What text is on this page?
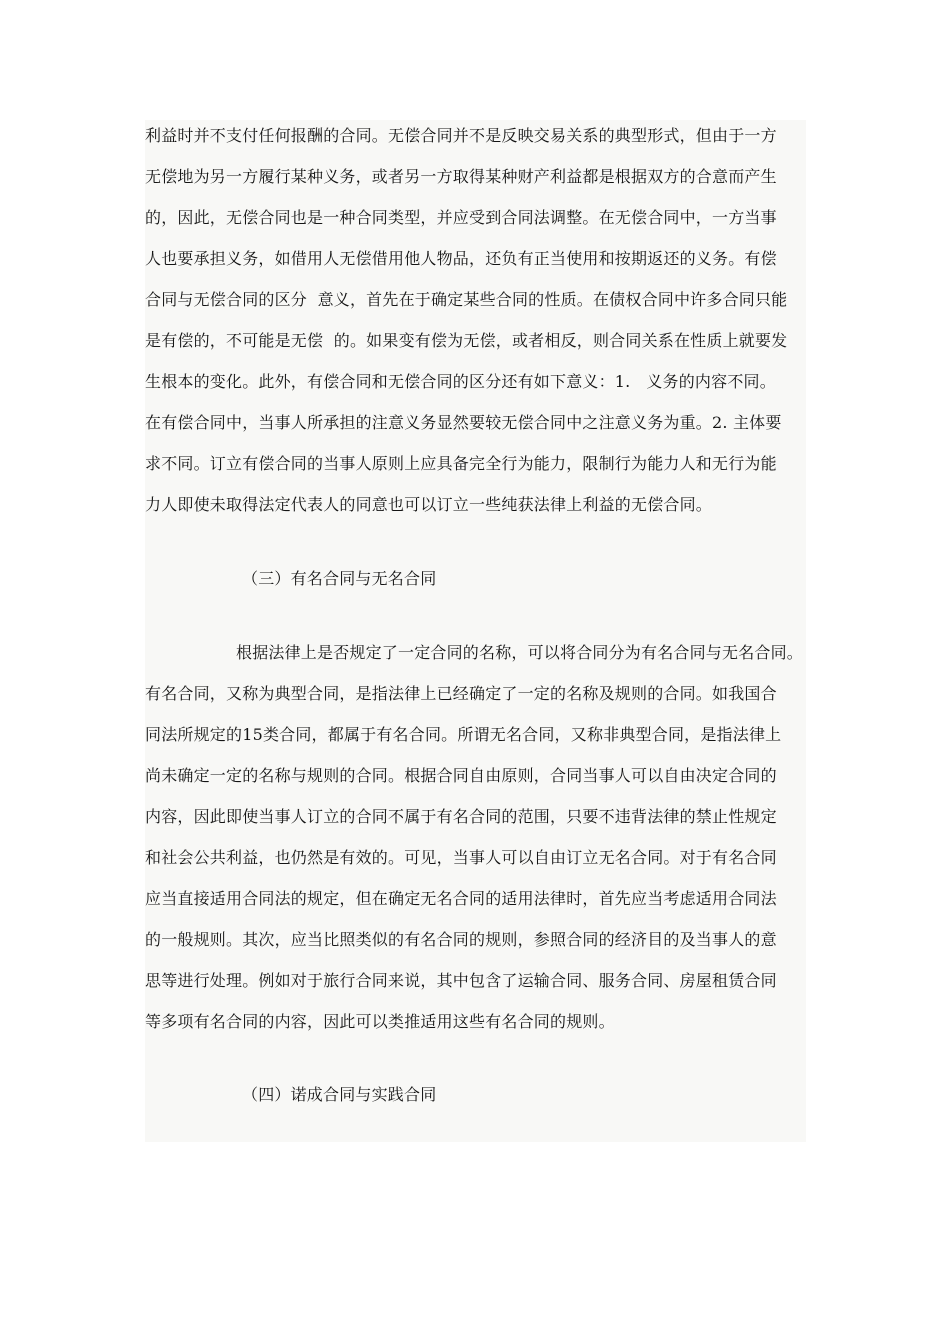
利益时并不支付任何报酬的合同。无偿合同并不是反映交易关系的典型形式，但由于一方
无偿地为另一方履行某种义务，或者另一方取得某种财产利益都是根据双方的合意而产生
的，因此，无偿合同也是一种合同类型，并应受到合同法调整。在无偿合同中，一方当事
人也要承担义务，如借用人无偿借用他人物品，还负有正当使用和按期返还的义务。有偿
合同与无偿合同的区分  意义，首先在于确定某些合同的性质。在债权合同中许多合同只能
是有偿的，不可能是无偿  的。如果变有偿为无偿，或者相反，则合同关系在性质上就要发
生根本的变化。此外，有偿合同和无偿合同的区分还有如下意义：1.   义务的内容不同。
在有偿合同中，当事人所承担的注意义务显然要较无偿合同中之注意义务为重。2. 主体要
求不同。订立有偿合同的当事人原则上应具备完全行为能力，限制行为能力人和无行为能
力人即使未取得法定代表人的同意也可以订立一些纯获法律上利益的无偿合同。
（三）有名合同与无名合同
根据法律上是否规定了一定合同的名称，可以将合同分为有名合同与无名合同。
有名合同，又称为典型合同，是指法律上已经确定了一定的名称及规则的合同。如我国合
同法所规定的15类合同，都属于有名合同。所谓无名合同，又称非典型合同，是指法律上
尚未确定一定的名称与规则的合同。根据合同自由原则，合同当事人可以自由决定合同的
内容，因此即使当事人订立的合同不属于有名合同的范围，只要不违背法律的禁止性规定
和社会公共利益，也仍然是有效的。可见，当事人可以自由订立无名合同。对于有名合同
应当直接适用合同法的规定，但在确定无名合同的适用法律时，首先应当考虑适用合同法
的一般规则。其次，应当比照类似的有名合同的规则，参照合同的经济目的及当事人的意
思等进行处理。例如对于旅行合同来说，其中包含了运输合同、服务合同、房屋租赁合同
等多项有名合同的内容，因此可以类推适用这些有名合同的规则。
（四）诺成合同与实践合同
